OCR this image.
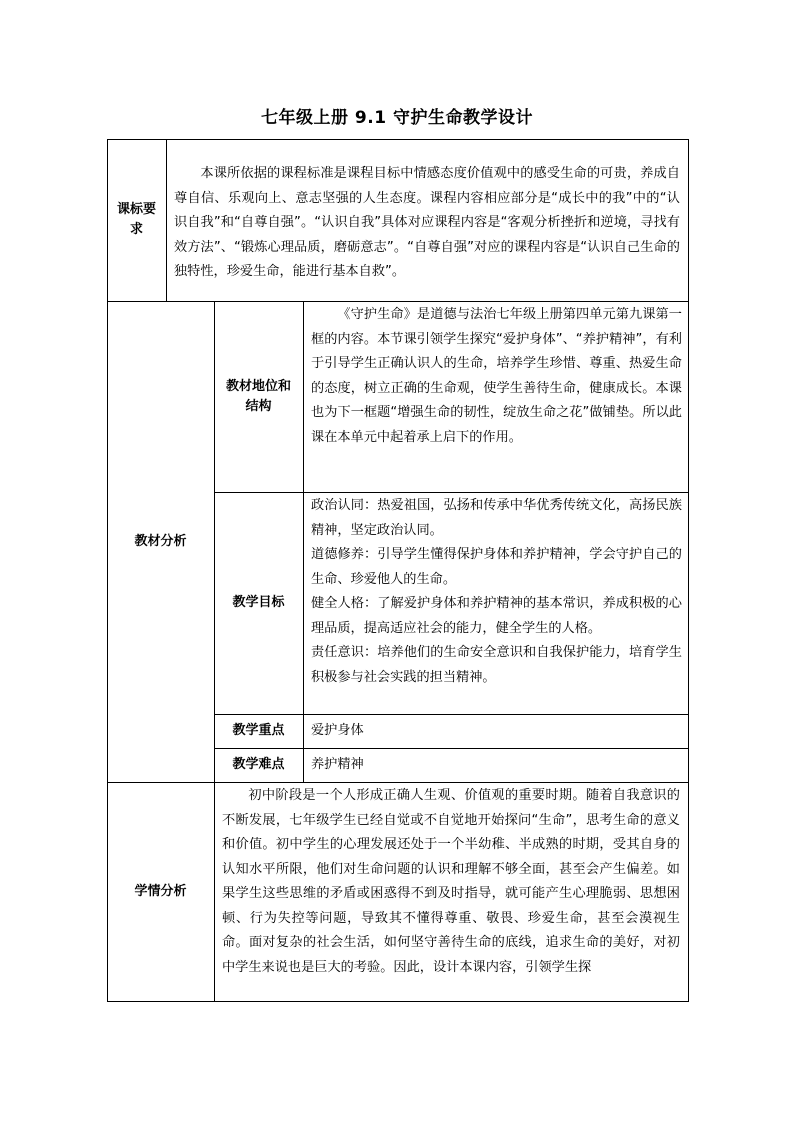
七年级上册 9.1 守护生命教学设计
课标要求

本课所依据的课程标准是课程目标中情感态度价值观中的感受生命的可贵，养成自尊自信、乐观向上、意志坚强的人生态度。课程内容相应部分是“成长中的我”中的“认识自我”和“自尊自强”。“认识自我”具体对应课程内容是“客观分析挫折和逆境，寻找有效方法”、“锻炼心理品质，磨砺意志”。“自尊自强”对应的课程内容是“认识自己生命的独特性，珍爱生命，能进行基本自救”。

教材分析
教材地位和结构

《守护生命》是道德与法治七年级上册第四单元第九课第一框的内容。本节课引领学生探究“爱护身体”、“养护精神”，有利于引导学生正确认识人的生命，培养学生珍惜、尊重、热爱生命的态度，树立正确的生命观，使学生善待生命，健康成长。本课也为下一框题“增强生命的韧性，绽放生命之花”做铺垫。所以此课在本单元中起着承上启下的作用。

教学目标

政治认同：热爱祖国，弘扬和传承中华优秀传统文化，高扬民族精神，坚定政治认同。

道德修养：引导学生懂得保护身体和养护精神，学会守护自己的生命、珍爱他人的生命。

健全人格：了解爱护身体和养护精神的基本常识，养成积极的心理品质，提高适应社会的能力，健全学生的人格。

责任意识：培养他们的生命安全意识和自我保护能力，培育学生积极参与社会实践的担当精神。

教学重点 爱护身体

教学难点 养护精神

学情分析

初中阶段是一个人形成正确人生观、价值观的重要时期。随着自我意识的不断发展，七年级学生已经自觉或不自觉地开始探问“生命”，思考生命的意义和价值。初中学生的心理发展还处于一个半幼稚、半成熟的时期，受其自身的认知水平所限，他们对生命问题的认识和理解不够全面，甚至会产生偏差。如果学生这些思维的矛盾或困惑得不到及时指导，就可能产生心理脆弱、思想困顿、行为失控等问题，导致其不懂得尊重、敬畏、珍爱生命，甚至会漠视生命。面对复杂的社会生活，如何坚守善待生命的底线，追求生命的美好，对初中学生来说也是巨大的考验。因此，设计本课内容，引领学生探
